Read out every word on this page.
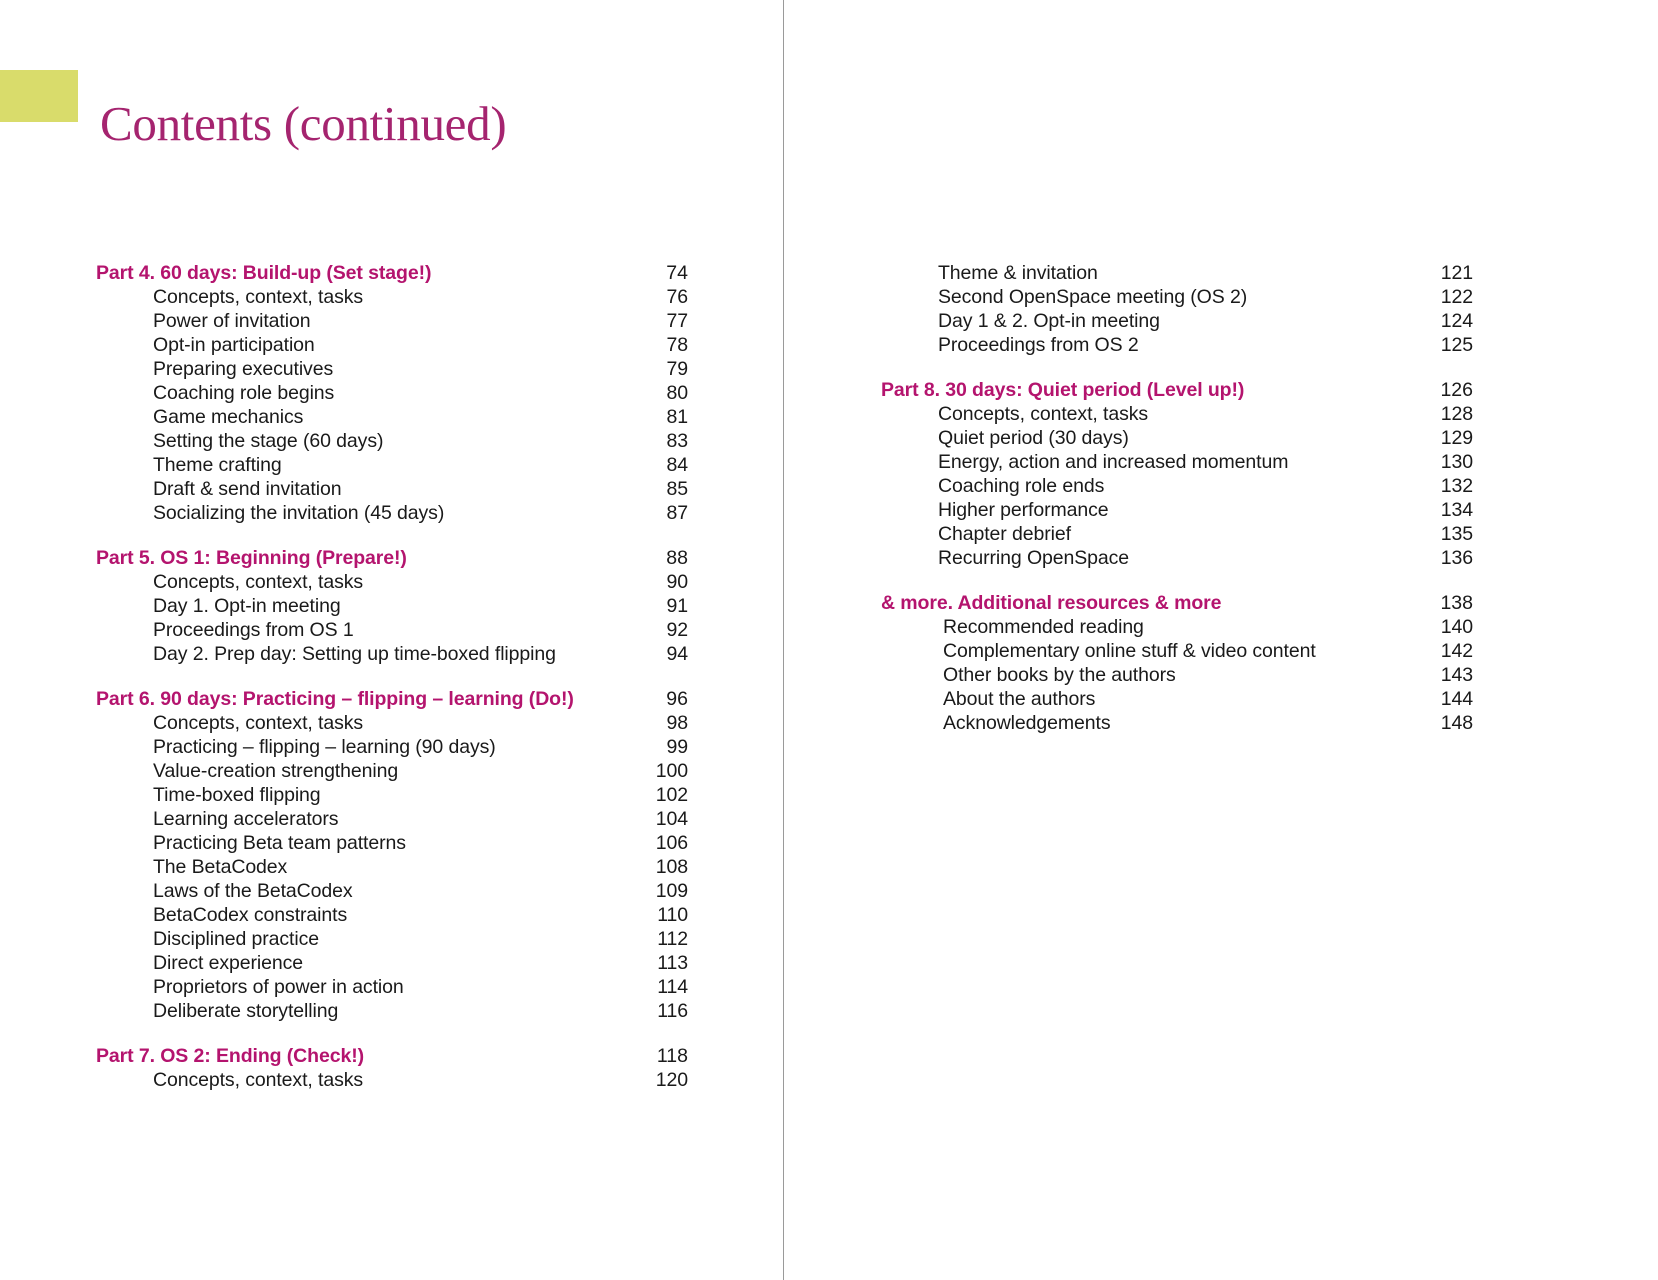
Contents (continued)
Part 4. 60 days: Build-up (Set stage!)	74
Concepts, context, tasks	76
Power of invitation	77
Opt-in participation	78
Preparing executives	79
Coaching role begins	80
Game mechanics	81
Setting the stage (60 days)	83
Theme crafting	84
Draft & send invitation	85
Socializing the invitation (45 days)	87
Part 5. OS 1: Beginning (Prepare!)	88
Concepts, context, tasks	90
Day 1. Opt-in meeting	91
Proceedings from OS 1	92
Day 2. Prep day: Setting up time-boxed flipping	94
Part 6. 90 days: Practicing – flipping – learning (Do!)	96
Concepts, context, tasks	98
Practicing – flipping – learning (90 days)	99
Value-creation strengthening	100
Time-boxed flipping	102
Learning accelerators	104
Practicing Beta team patterns	106
The BetaCodex	108
Laws of the BetaCodex	109
BetaCodex constraints	110
Disciplined practice	112
Direct experience	113
Proprietors of power in action	114
Deliberate storytelling	116
Part 7. OS 2: Ending (Check!)	118
Concepts, context, tasks	120
Theme & invitation	121
Second OpenSpace meeting (OS 2)	122
Day 1 & 2. Opt-in meeting	124
Proceedings from OS 2	125
Part 8. 30 days: Quiet period (Level up!)	126
Concepts, context, tasks	128
Quiet period (30 days)	129
Energy, action and increased momentum	130
Coaching role ends	132
Higher performance	134
Chapter debrief	135
Recurring OpenSpace	136
& more. Additional resources & more	138
Recommended reading	140
Complementary online stuff & video content	142
Other books by the authors	143
About the authors	144
Acknowledgements	148
